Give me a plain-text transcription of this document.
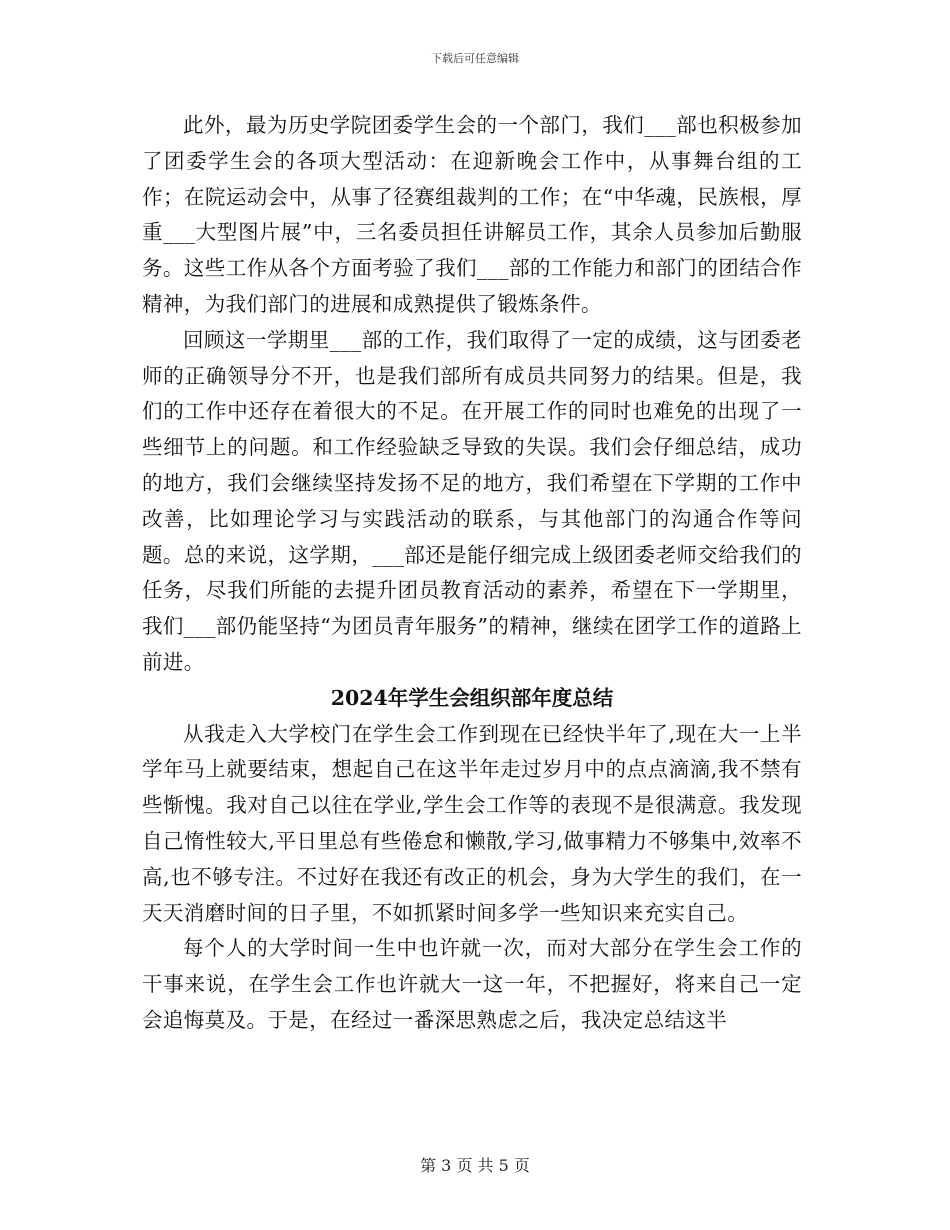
下载后可任意编辑

此外，最为历史学院团委学生会的一个部门，我们___部也积极参加了团委学生会的各项大型活动：在迎新晚会工作中，从事舞台组的工作；在院运动会中，从事了径赛组裁判的工作；在“中华魂，民族根，厚重___大型图片展”中，三名委员担任讲解员工作，其余人员参加后勤服务。这些工作从各个方面考验了我们___部的工作能力和部门的团结合作精神，为我们部门的进展和成熟提供了锻炼条件。

回顾这一学期里___部的工作，我们取得了一定的成绩，这与团委老师的正确领导分不开，也是我们部所有成员共同努力的结果。但是，我们的工作中还存在着很大的不足。在开展工作的同时也难免的出现了一些细节上的问题。和工作经验缺乏导致的失误。我们会仔细总结，成功的地方，我们会继续坚持发扬不足的地方，我们希望在下学期的工作中改善，比如理论学习与实践活动的联系，与其他部门的沟通合作等问题。总的来说，这学期，___部还是能仔细完成上级团委老师交给我们的任务，尽我们所能的去提升团员教育活动的素养，希望在下一学期里，我们___部仍能坚持“为团员青年服务”的精神，继续在团学工作的道路上前进。

2024年学生会组织部年度总结

从我走入大学校门在学生会工作到现在已经快半年了,现在大一上半学年马上就要结束，想起自己在这半年走过岁月中的点点滴滴,我不禁有些惭愧。我对自己以往在学业,学生会工作等的表现不是很满意。我发现自己惰性较大,平日里总有些倦怠和懒散,学习,做事精力不够集中,效率不高,也不够专注。不过好在我还有改正的机会，身为大学生的我们，在一天天消磨时间的日子里，不如抓紧时间多学一些知识来充实自己。

每个人的大学时间一生中也许就一次，而对大部分在学生会工作的干事来说，在学生会工作也许就大一这一年，不把握好，将来自己一定会追悔莫及。于是，在经过一番深思熟虑之后，我决定总结这半

第 3 页 共 5 页
